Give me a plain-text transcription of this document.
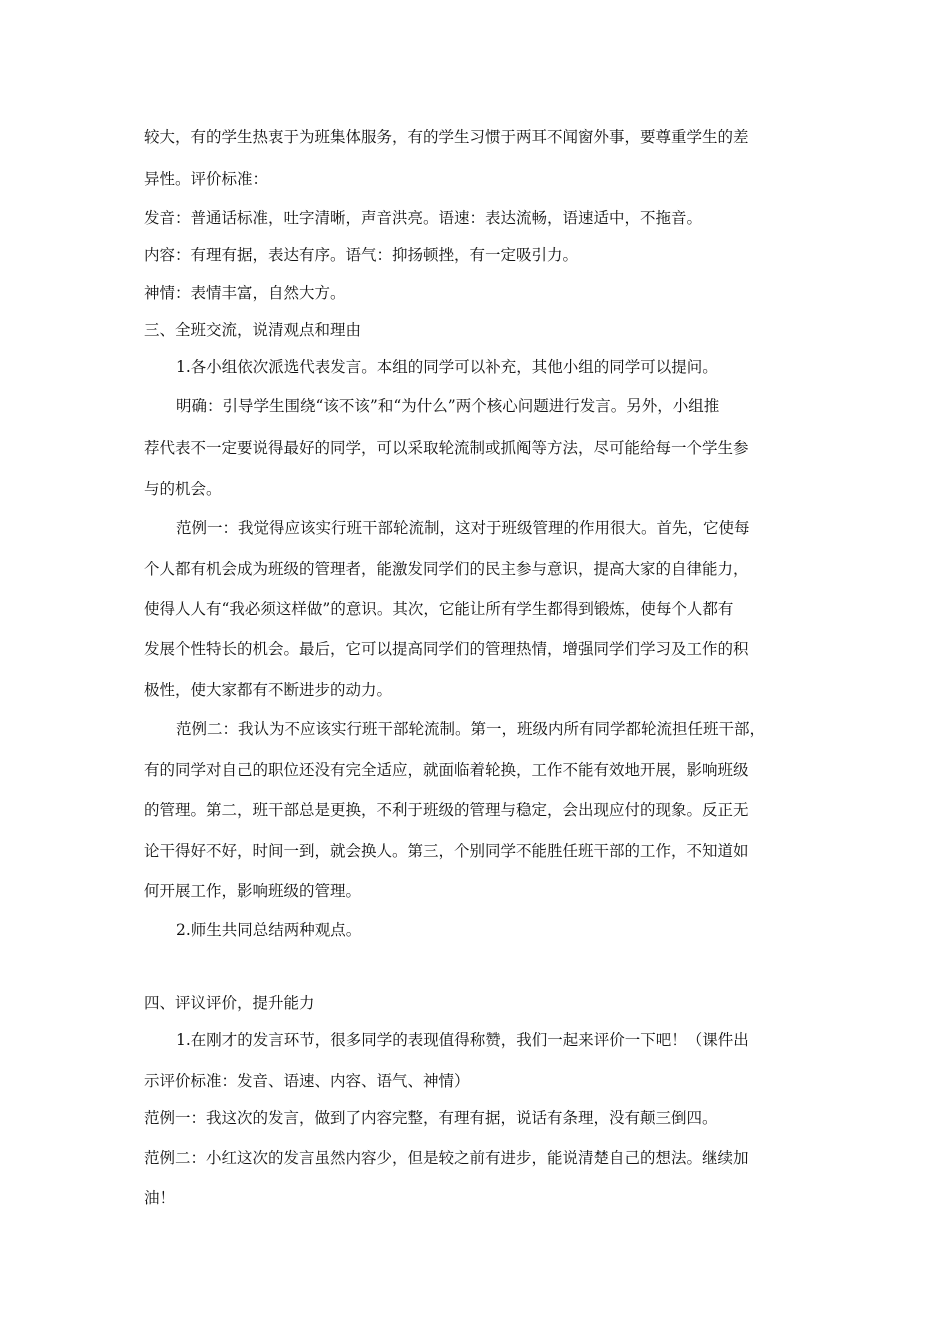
较大，有的学生热衷于为班集体服务，有的学生习惯于两耳不闻窗外事，要尊重学生的差
异性。评价标准：
发音：普通话标准，吐字清晰，声音洪亮。语速：表达流畅，语速适中，不拖音。
内容：有理有据，表达有序。语气：抑扬顿挫，有一定吸引力。
神情：表情丰富，自然大方。
三、全班交流，说清观点和理由
1.各小组依次派选代表发言。本组的同学可以补充，其他小组的同学可以提问。
明确：引导学生围绕“该不该”和“为什么”两个核心问题进行发言。另外，小组推
荐代表不一定要说得最好的同学，可以采取轮流制或抓阄等方法，尽可能给每一个学生参
与的机会。
范例一：我觉得应该实行班干部轮流制，这对于班级管理的作用很大。首先，它使每
个人都有机会成为班级的管理者，能激发同学们的民主参与意识，提高大家的自律能力，
使得人人有“我必须这样做”的意识。其次，它能让所有学生都得到锻炼，使每个人都有
发展个性特长的机会。最后，它可以提高同学们的管理热情，增强同学们学习及工作的积
极性，使大家都有不断进步的动力。
范例二：我认为不应该实行班干部轮流制。第一，班级内所有同学都轮流担任班干部，
有的同学对自己的职位还没有完全适应，就面临着轮换，工作不能有效地开展，影响班级
的管理。第二，班干部总是更换，不利于班级的管理与稳定，会出现应付的现象。反正无
论干得好不好，时间一到，就会换人。第三，个别同学不能胜任班干部的工作，不知道如
何开展工作，影响班级的管理。
2.师生共同总结两种观点。
四、评议评价，提升能力
1.在刚才的发言环节，很多同学的表现值得称赞，我们一起来评价一下吧！（课件出
示评价标准：发音、语速、内容、语气、神情）
范例一：我这次的发言，做到了内容完整，有理有据，说话有条理，没有颠三倒四。
范例二：小红这次的发言虽然内容少，但是较之前有进步，能说清楚自己的想法。继续加
油！
